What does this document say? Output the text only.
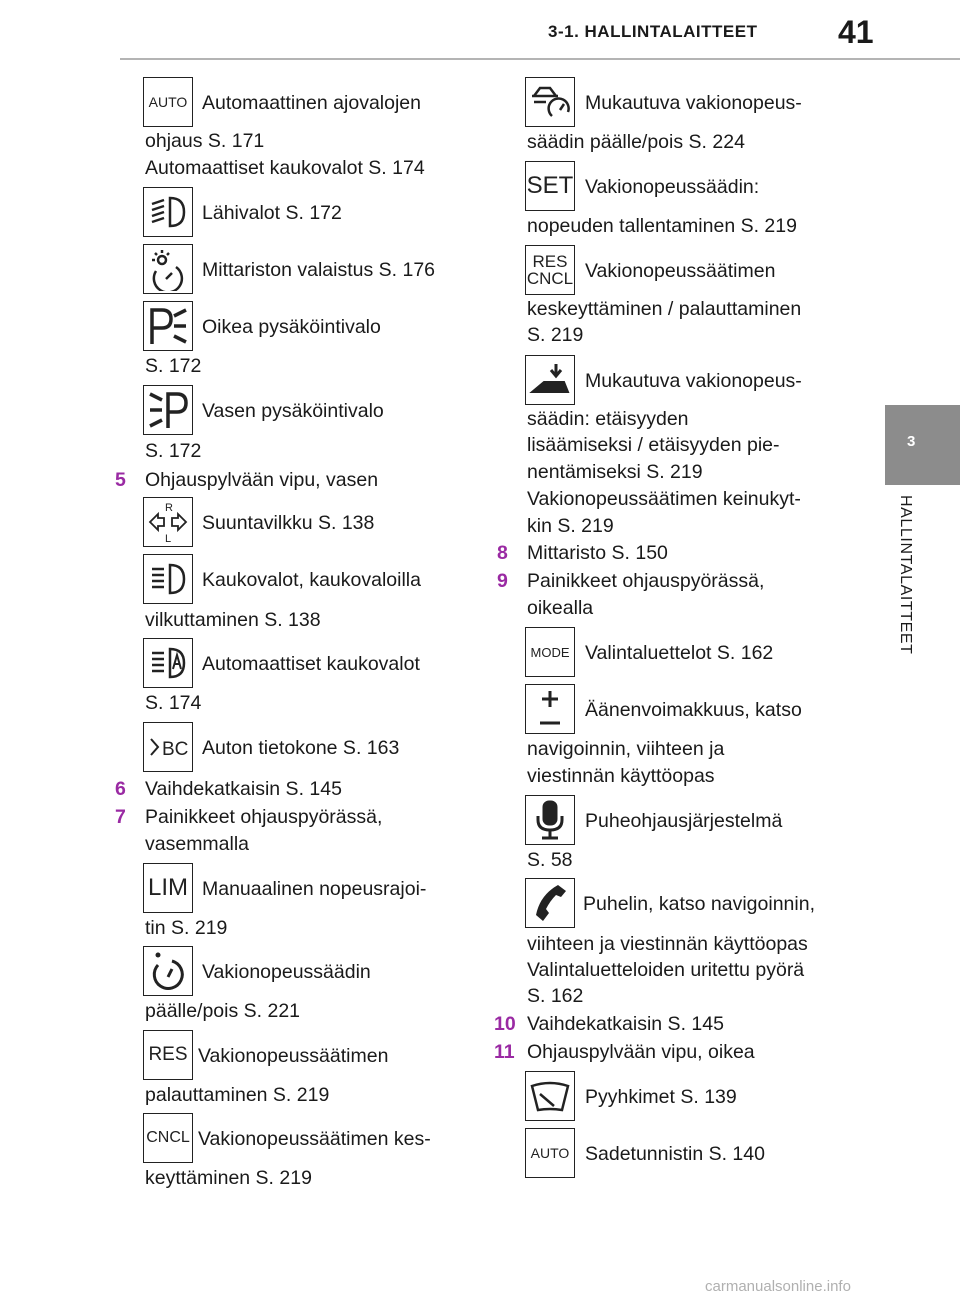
3-1. HALLINTALAITTEET	41
3
HALLINTALAITTEET
AUTO Automaattinen ajovalojen
ohjaus S. 171
Automaattiset kaukovalot S. 174
Lähivalot S. 172
Mittariston valaistus S. 176
Oikea pysäköintivalo
S. 172
Vasen pysäköintivalo
S. 172
5 Ohjauspylvään vipu, vasen
R
L
Suuntavilkku S. 138
Kaukovalot, kaukovaloilla
vilkuttaminen S. 138
Automaattiset kaukovalot
S. 174
BC Auton tietokone S. 163
6 Vaihdekatkaisin S. 145
7 Painikkeet ohjauspyörässä,
vasemmalla
LIM Manuaalinen nopeusrajoi-
tin S. 219
Vakionopeussäädin
päälle/pois S. 221
RES Vakionopeussäätimen
palauttaminen S. 219
CNCL Vakionopeussäätimen kes-
keyttäminen S. 219
Mukautuva vakionopeus-
säädin päälle/pois S. 224
SET Vakionopeussäädin:
nopeuden tallentaminen S. 219
RES
CNCL Vakionopeussäätimen
keskeyttäminen / palauttaminen
S. 219
Mukautuva vakionopeus-
säädin: etäisyyden
lisäämiseksi / etäisyyden pie-
nentämiseksi S. 219
Vakionopeussäätimen keinukyt-
kin S. 219
8 Mittaristo S. 150
9 Painikkeet ohjauspyörässä,
oikealla
MODE Valintaluettelot S. 162
Äänenvoimakkuus, katso
navigoinnin, viihteen ja
viestinnän käyttöopas
Puheohjausjärjestelmä
S. 58
Puhelin, katso navigoinnin,
viihteen ja viestinnän käyttöopas
Valintaluetteloiden uritettu pyörä
S. 162
10 Vaihdekatkaisin S. 145
11 Ohjauspylvään vipu, oikea
Pyyhkimet S. 139
AUTO Sadetunnistin S. 140
carmanualsonline.info
